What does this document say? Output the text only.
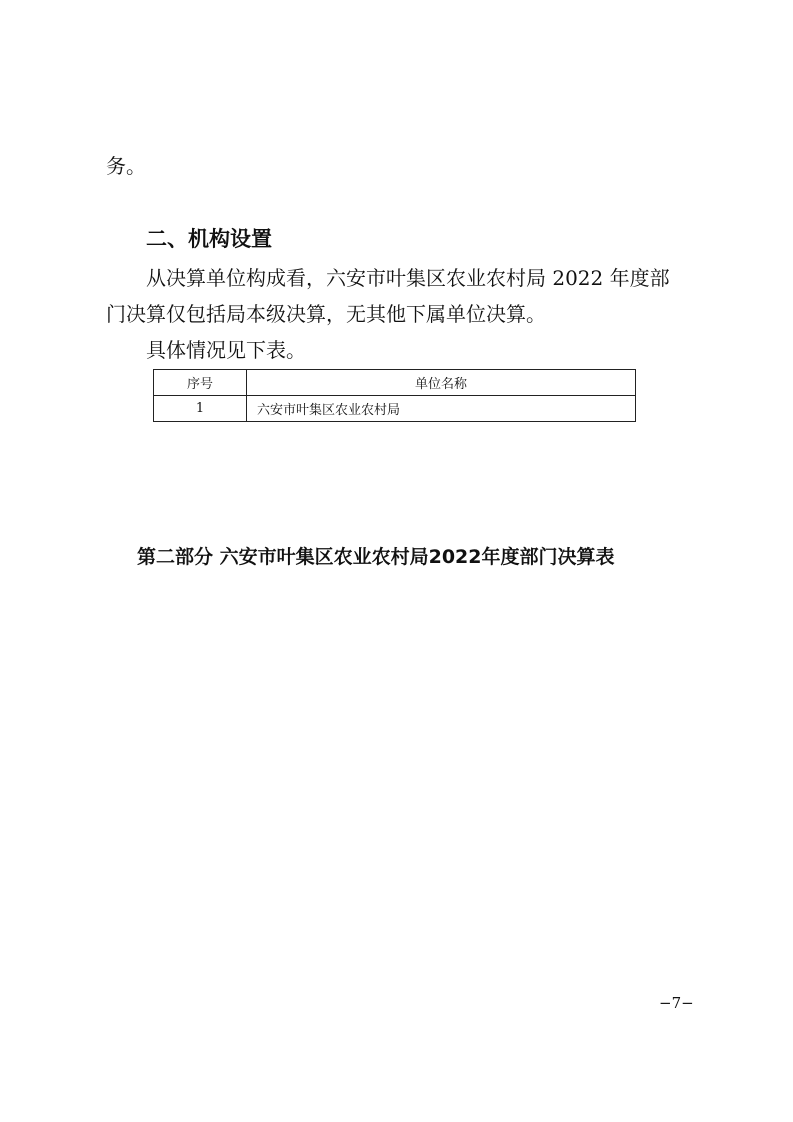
务。

二、机构设置

从决算单位构成看，六安市叶集区农业农村局 2022 年度部

门决算仅包括局本级决算，无其他下属单位决算。

具体情况见下表。

序号	单位名称
1	六安市叶集区农业农村局

第二部分 六安市叶集区农业农村局2022年度部门决算表

−7−
